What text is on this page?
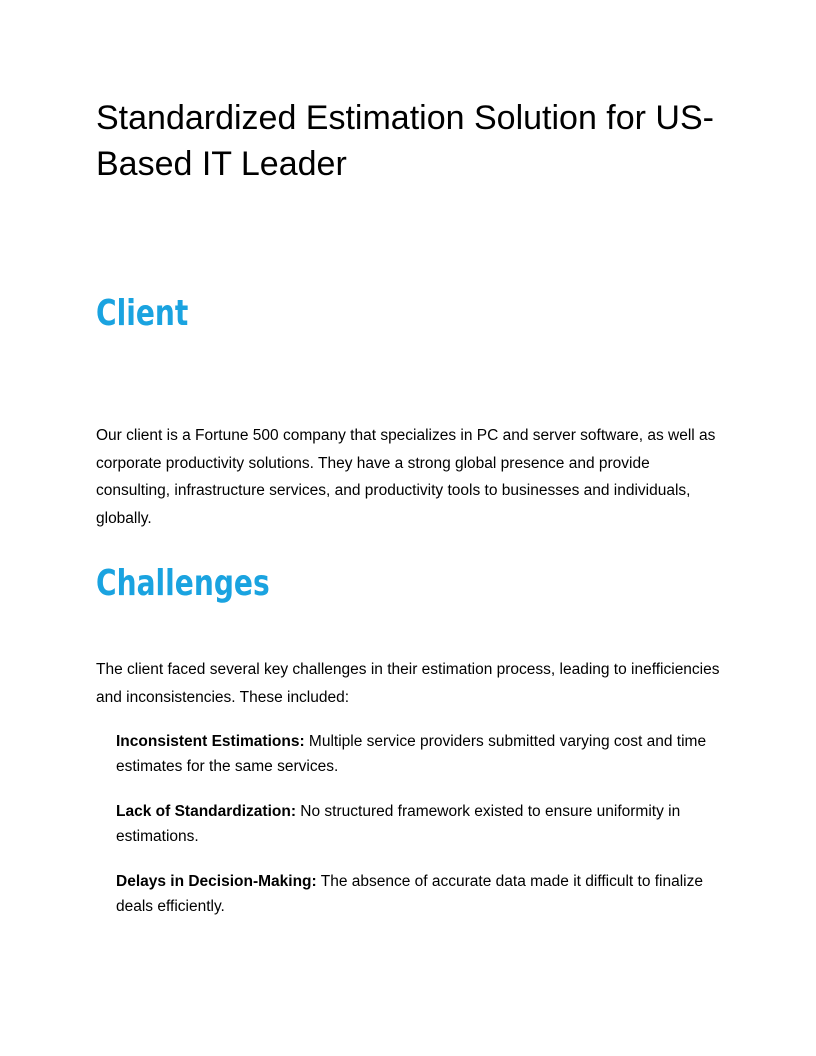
Standardized Estimation Solution for US-Based IT Leader
Client

Our client is a Fortune 500 company that specializes in PC and server software, as well as corporate productivity solutions. They have a strong global presence and provide consulting, infrastructure services, and productivity tools to businesses and individuals, globally.

Challenges

The client faced several key challenges in their estimation process, leading to inefficiencies and inconsistencies. These included:

Inconsistent Estimations: Multiple service providers submitted varying cost and time estimates for the same services.
Lack of Standardization: No structured framework existed to ensure uniformity in estimations.
Delays in Decision-Making: The absence of accurate data made it difficult to finalize deals efficiently.
